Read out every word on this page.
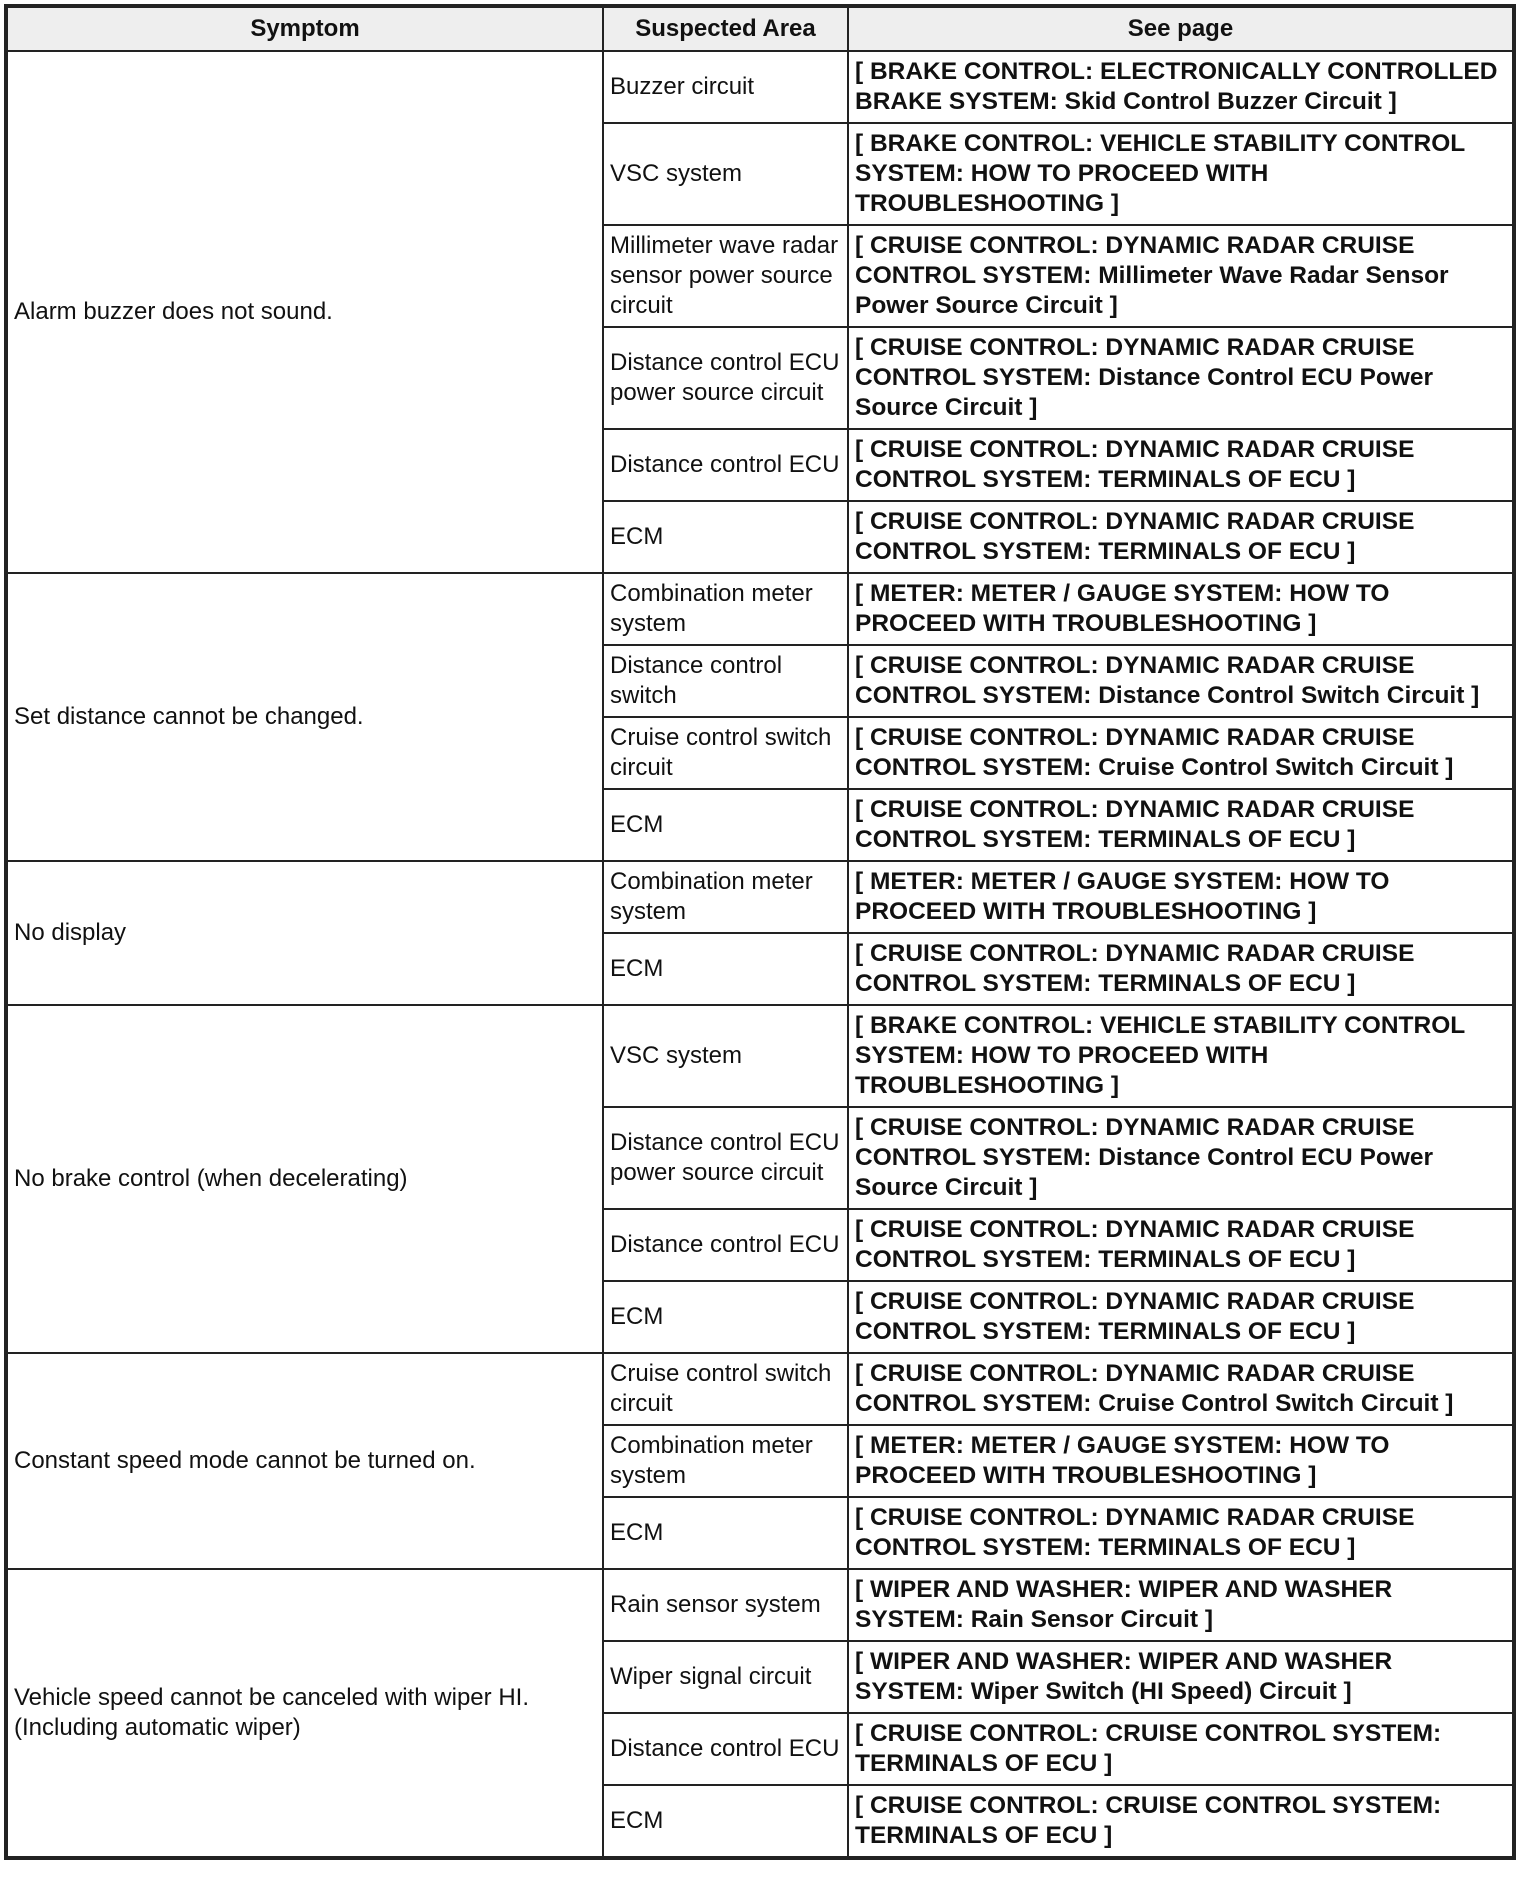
Symptom	Suspected Area	See page
Alarm buzzer does not sound.	Buzzer circuit	[ BRAKE CONTROL: ELECTRONICALLY CONTROLLED BRAKE SYSTEM: Skid Control Buzzer Circuit ]
	VSC system	[ BRAKE CONTROL: VEHICLE STABILITY CONTROL SYSTEM: HOW TO PROCEED WITH TROUBLESHOOTING ]
	Millimeter wave radar sensor power source circuit	[ CRUISE CONTROL: DYNAMIC RADAR CRUISE CONTROL SYSTEM: Millimeter Wave Radar Sensor Power Source Circuit ]
	Distance control ECU power source circuit	[ CRUISE CONTROL: DYNAMIC RADAR CRUISE CONTROL SYSTEM: Distance Control ECU Power Source Circuit ]
	Distance control ECU	[ CRUISE CONTROL: DYNAMIC RADAR CRUISE CONTROL SYSTEM: TERMINALS OF ECU ]
	ECM	[ CRUISE CONTROL: DYNAMIC RADAR CRUISE CONTROL SYSTEM: TERMINALS OF ECU ]
Set distance cannot be changed.	Combination meter system	[ METER: METER / GAUGE SYSTEM: HOW TO PROCEED WITH TROUBLESHOOTING ]
	Distance control switch	[ CRUISE CONTROL: DYNAMIC RADAR CRUISE CONTROL SYSTEM: Distance Control Switch Circuit ]
	Cruise control switch circuit	[ CRUISE CONTROL: DYNAMIC RADAR CRUISE CONTROL SYSTEM: Cruise Control Switch Circuit ]
	ECM	[ CRUISE CONTROL: DYNAMIC RADAR CRUISE CONTROL SYSTEM: TERMINALS OF ECU ]
No display	Combination meter system	[ METER: METER / GAUGE SYSTEM: HOW TO PROCEED WITH TROUBLESHOOTING ]
	ECM	[ CRUISE CONTROL: DYNAMIC RADAR CRUISE CONTROL SYSTEM: TERMINALS OF ECU ]
No brake control (when decelerating)	VSC system	[ BRAKE CONTROL: VEHICLE STABILITY CONTROL SYSTEM: HOW TO PROCEED WITH TROUBLESHOOTING ]
	Distance control ECU power source circuit	[ CRUISE CONTROL: DYNAMIC RADAR CRUISE CONTROL SYSTEM: Distance Control ECU Power Source Circuit ]
	Distance control ECU	[ CRUISE CONTROL: DYNAMIC RADAR CRUISE CONTROL SYSTEM: TERMINALS OF ECU ]
	ECM	[ CRUISE CONTROL: DYNAMIC RADAR CRUISE CONTROL SYSTEM: TERMINALS OF ECU ]
Constant speed mode cannot be turned on.	Cruise control switch circuit	[ CRUISE CONTROL: DYNAMIC RADAR CRUISE CONTROL SYSTEM: Cruise Control Switch Circuit ]
	Combination meter system	[ METER: METER / GAUGE SYSTEM: HOW TO PROCEED WITH TROUBLESHOOTING ]
	ECM	[ CRUISE CONTROL: DYNAMIC RADAR CRUISE CONTROL SYSTEM: TERMINALS OF ECU ]
Vehicle speed cannot be canceled with wiper HI. (Including automatic wiper)	Rain sensor system	[ WIPER AND WASHER: WIPER AND WASHER SYSTEM: Rain Sensor Circuit ]
	Wiper signal circuit	[ WIPER AND WASHER: WIPER AND WASHER SYSTEM: Wiper Switch (HI Speed) Circuit ]
	Distance control ECU	[ CRUISE CONTROL: CRUISE CONTROL SYSTEM: TERMINALS OF ECU ]
	ECM	[ CRUISE CONTROL: CRUISE CONTROL SYSTEM: TERMINALS OF ECU ]
